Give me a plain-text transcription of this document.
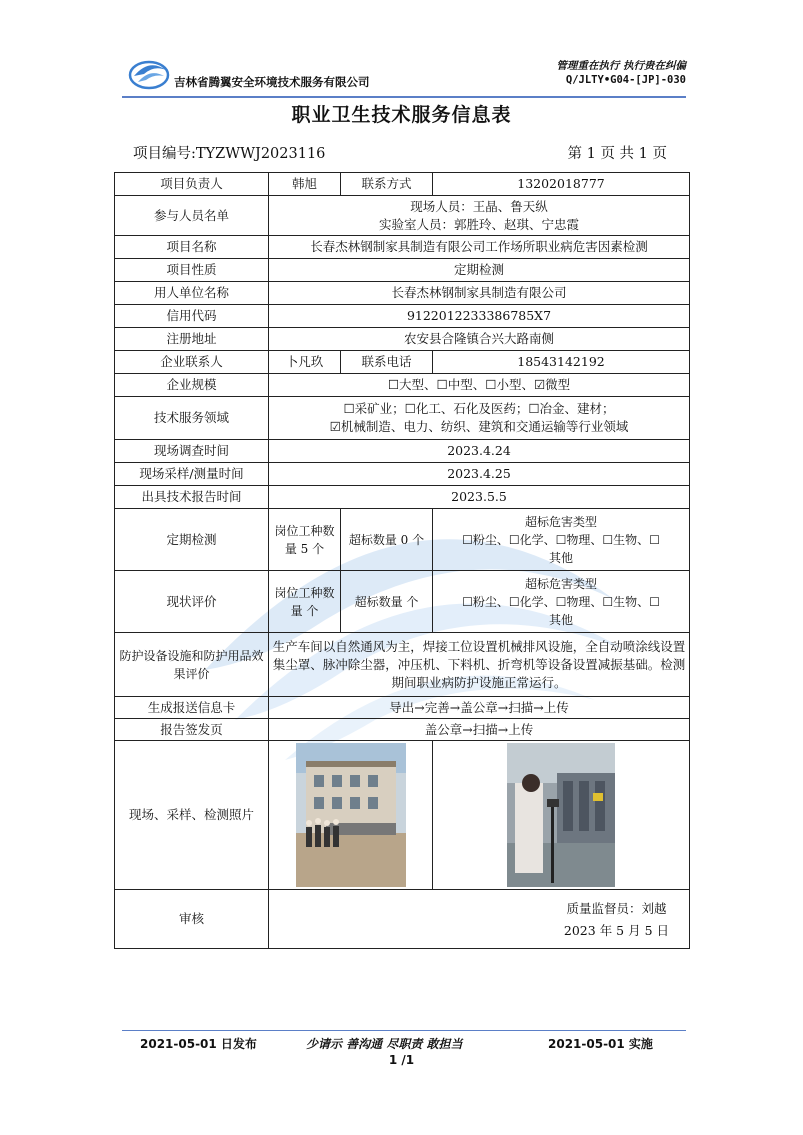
吉林省腾翼安全环境技术服务有限公司
管理重在执行 执行贵在纠偏
Q/JLTY•G04-[JP]-030
职业卫生技术服务信息表
项目编号:TYZWWJ2023116	第 1 页 共 1 页
项目负责人	韩旭	联系方式	13202018777
参与人员名单	现场人员：王晶、鲁天纵
实验室人员：郭胜玲、赵琪、宁忠霞		

项目名称	长春杰林钢制家具制造有限公司工作场所职业病危害因素检测		
项目性质	定期检测		
用人单位名称	长春杰林钢制家具制造有限公司		
信用代码	9122012233386785X7		
注册地址	农安县合隆镇合兴大路南侧		
企业联系人	卜凡玖	联系电话	18543142192
企业规模	☐大型、☐中型、☐小型、☑微型		
技术服务领域	☐采矿业；☐化工、石化及医药；☐冶金、建材；
☑机械制造、电力、纺织、建筑和交通运输等行业领域		

现场调查时间	2023.4.24		
现场采样/测量时间	2023.4.25		
出具技术报告时间	2023.5.5		
定期检测	岗位工种数量 5 个	超标数量 0 个	超标危害类型
☐粉尘、☐化学、☐物理、☐生物、☐
其他

现状评价	岗位工种数量 个	超标数量 个	超标危害类型
☐粉尘、☐化学、☐物理、☐生物、☐
其他

防护设备设施和防护用品效果评价	生产车间以自然通风为主，焊接工位设置机械排风设施，全自动喷涂线设置集尘罩、脉冲除尘器，冲压机、下料机、折弯机等设备设置减振基础。检测期间职业病防护设施正常运行。		
生成报送信息卡	导出→完善→盖公章→扫描→上传		
报告签发页	盖公章→扫描→上传		
现场、采样、检测照片	

审核	质量监督员：刘越
2023 年 5 月 5 日		
2021-05-01 日发布	少请示 善沟通 尽职责 敢担当	2021-05-01 实施
1 /1
